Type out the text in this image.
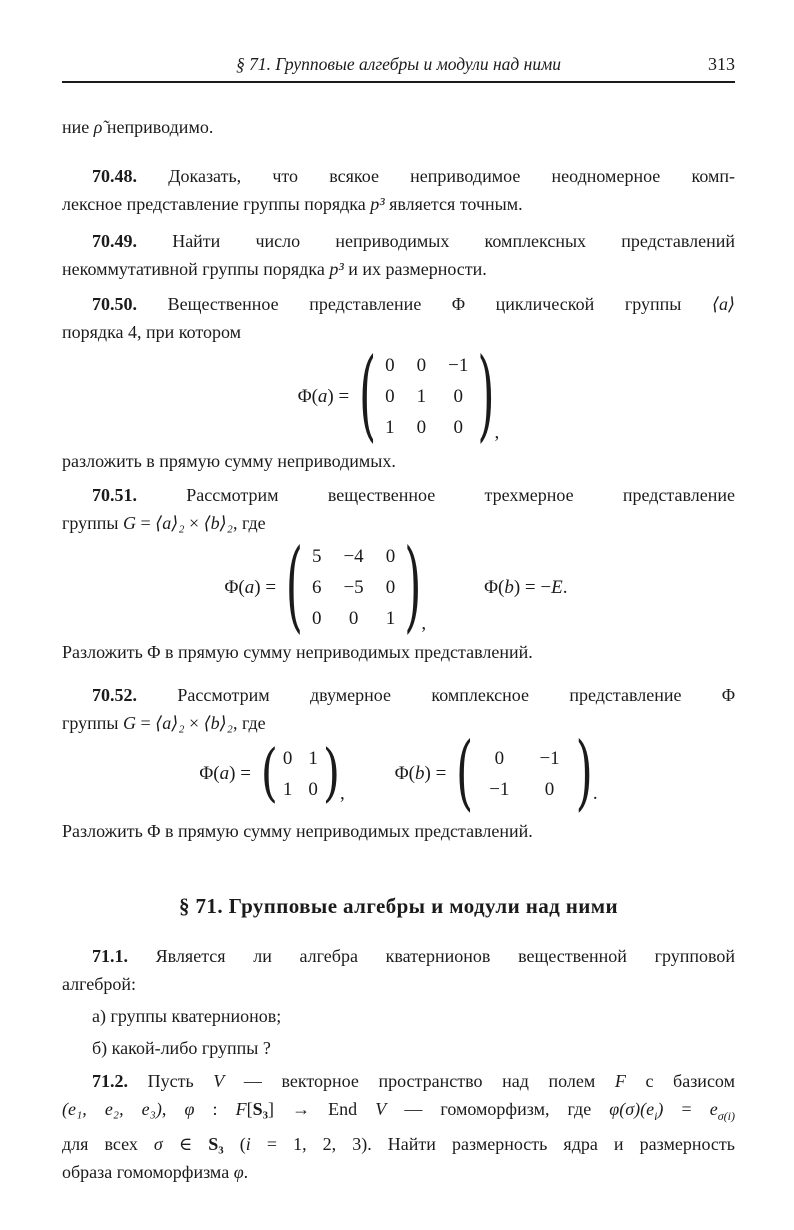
§ 71. Групповые алгебры и модули над ними	313
ние ρ̃ неприводимо.
70.48. Доказать, что всякое неприводимое неодномерное комп-
лексное представление группы порядка p³ является точным.
70.49. Найти число неприводимых комплексных представлений
некоммутативной группы порядка p³ и их размерности.
70.50. Вещественное представление Φ циклической группы ⟨a⟩
порядка 4, при котором
Φ(a) = ( 0 0 −1
0 1 0
1 0 0 ) ,
разложить в прямую сумму неприводимых.
70.51. Рассмотрим вещественное трехмерное представление
группы G = ⟨a⟩₂ × ⟨b⟩₂, где
Φ(a) = ( 5 −4 0
6 −5 0
0 0 1 ) ,
Φ(b) = −E.
Разложить Φ в прямую сумму неприводимых представлений.
70.52. Рассмотрим двумерное комплексное представление Φ
группы G = ⟨a⟩₂ × ⟨b⟩₂, где
Φ(a) = ( 0 1
1 0 ) ,
Φ(b) = ( 0 −1
−1 0 ) .
Разложить Φ в прямую сумму неприводимых представлений.
§ 71. Групповые алгебры и модули над ними
71.1. Является ли алгебра кватернионов вещественной групповой
алгеброй:
а) группы кватернионов;
б) какой-либо группы ?
71.2. Пусть V — векторное пространство над полем F с базисом
(e₁, e₂, e₃), φ : F[S₃] → End V — гомоморфизм, где $\varphi(\sigma)(e_i) = e_{\sigma(i)}$
для всех σ ∈ S₃ (i = 1, 2, 3). Найти размерность ядра и размерность
образа гомоморфизма φ.
